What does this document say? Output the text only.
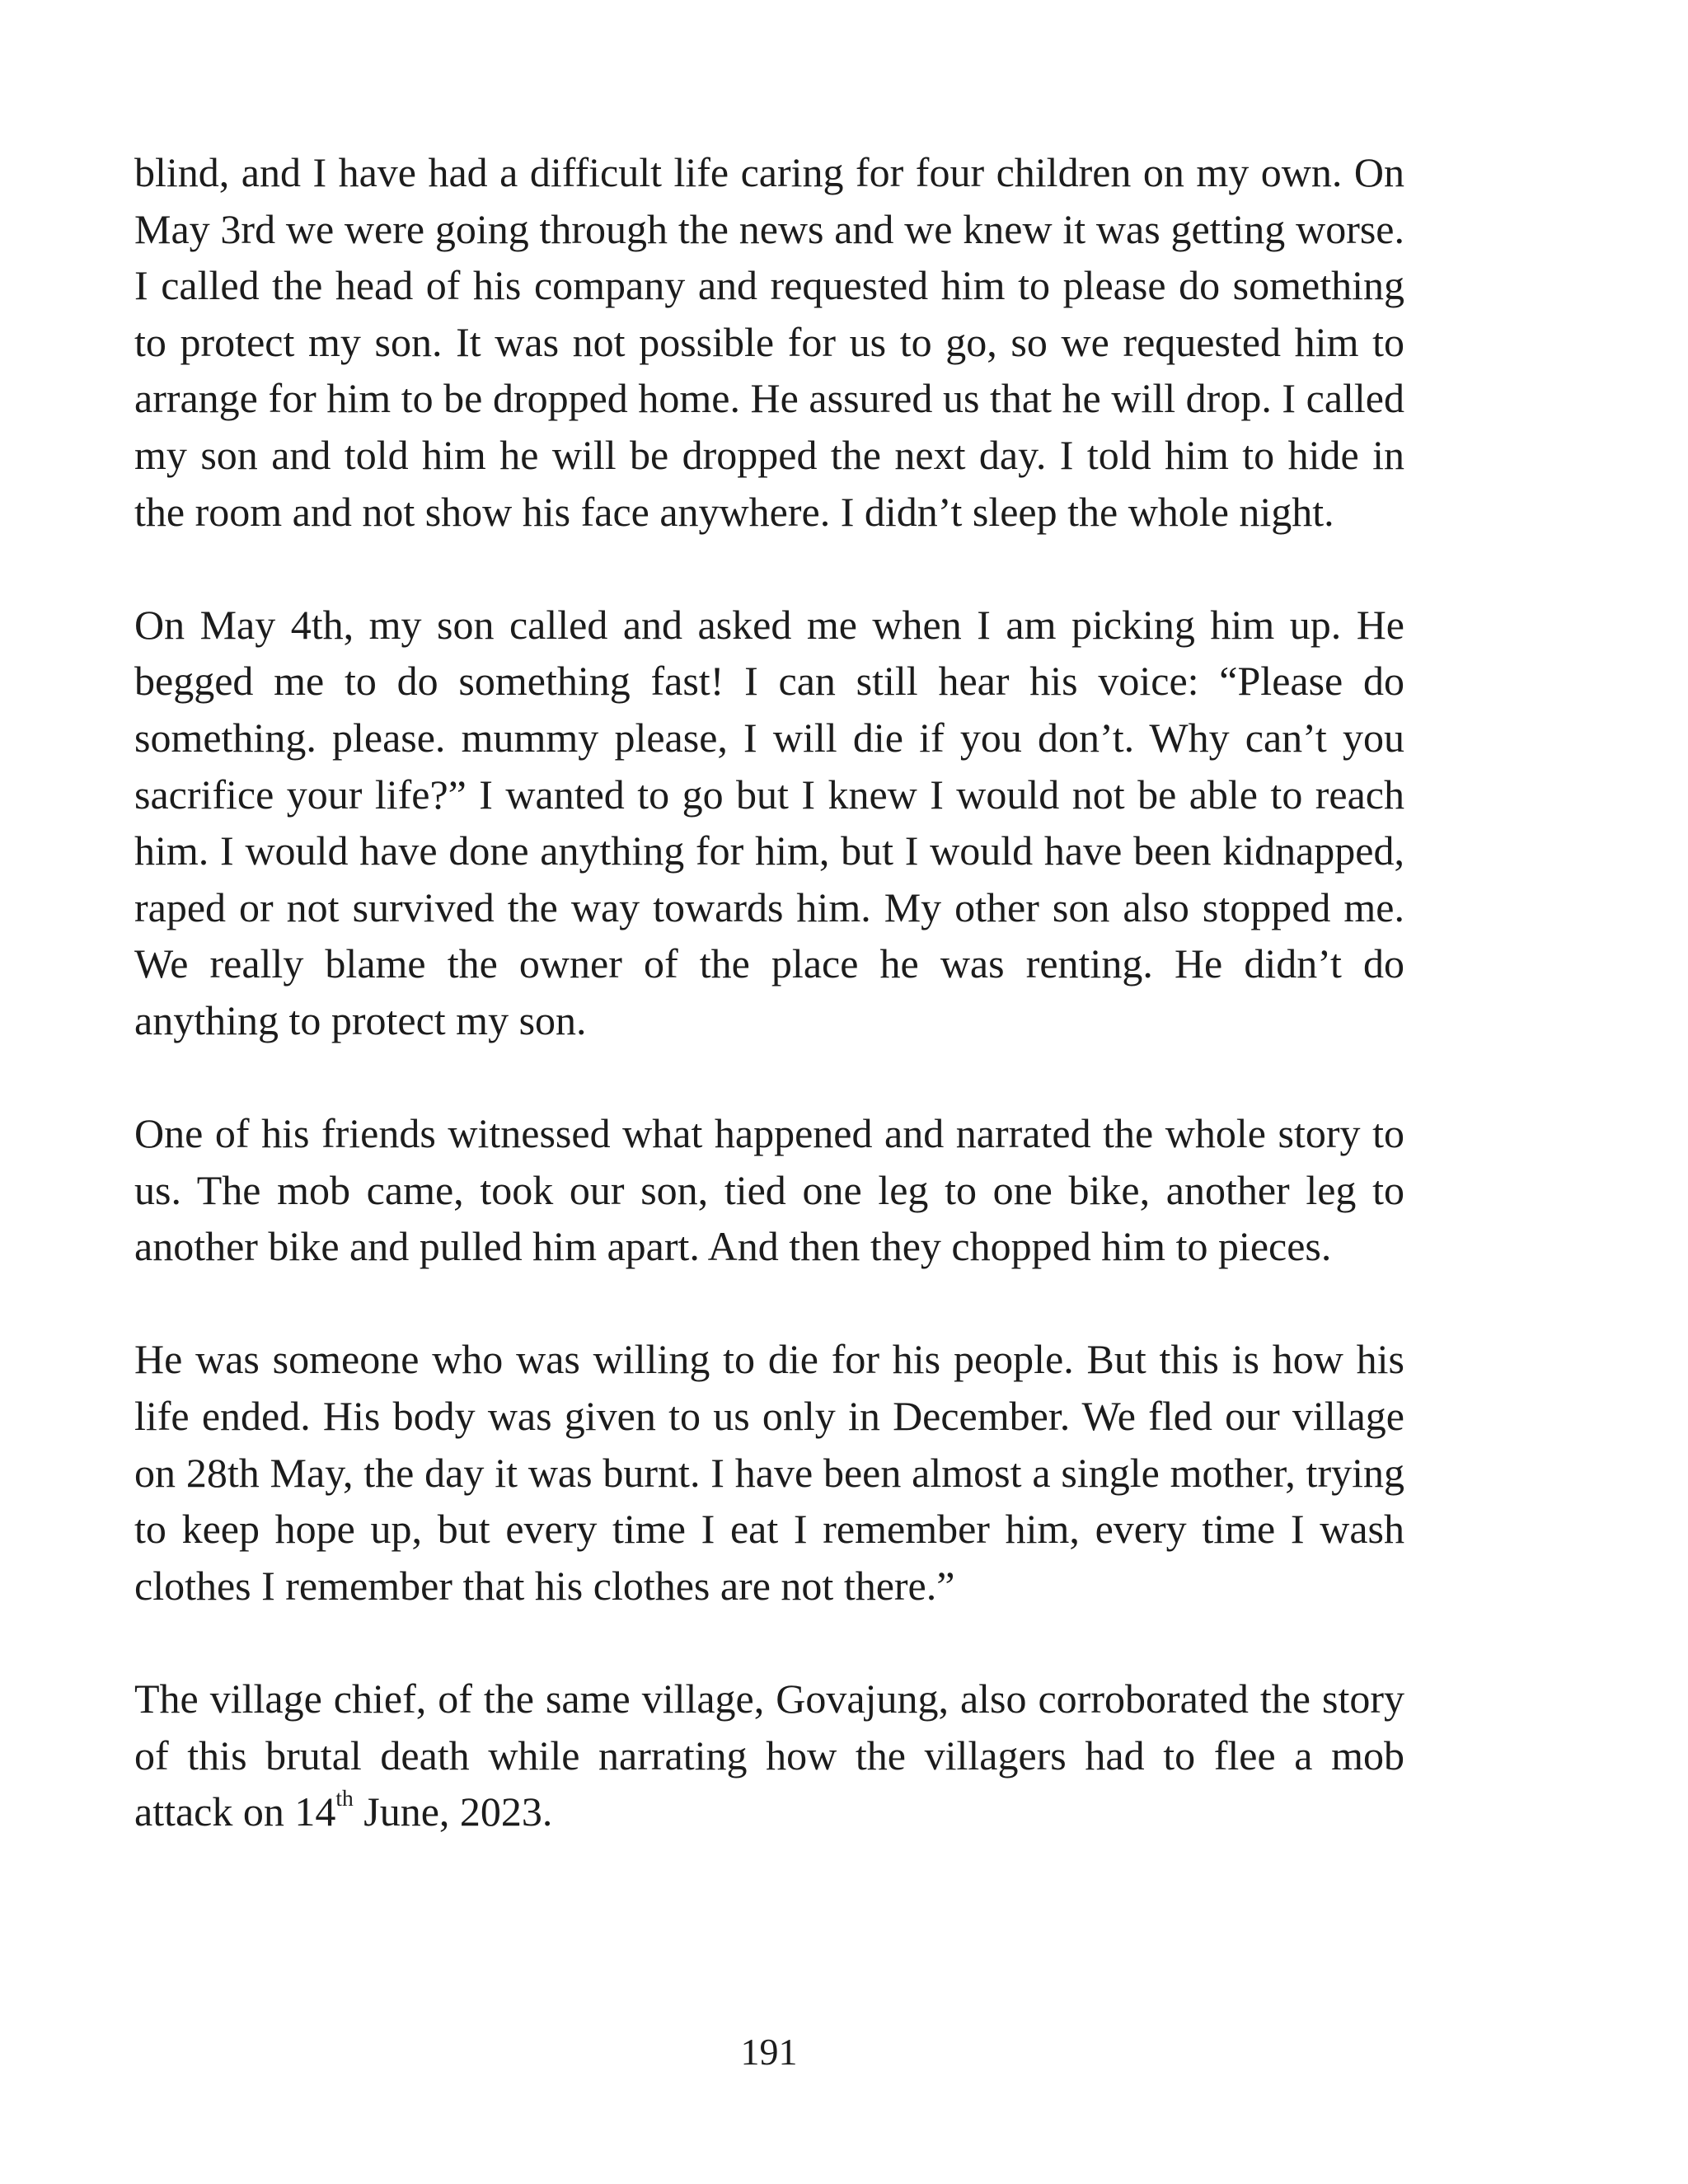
blind, and I have had a difficult life caring for four children on my own. On May 3rd we were going through the news and we knew it was getting worse. I called the head of his company and requested him to please do something to protect my son. It was not possible for us to go, so we requested him to arrange for him to be dropped home. He assured us that he will drop. I called my son and told him he will be dropped the next day. I told him to hide in the room and not show his face anywhere. I didn’t sleep the whole night.

On May 4th, my son called and asked me when I am picking him up. He begged me to do something fast! I can still hear his voice: “Please do something. please. mummy please, I will die if you don’t. Why can’t you sacrifice your life?” I wanted to go but I knew I would not be able to reach him. I would have done anything for him, but I would have been kidnapped, raped or not survived the way towards him. My other son also stopped me. We really blame the owner of the place he was renting. He didn’t do anything to protect my son.

One of his friends witnessed what happened and narrated the whole story to us. The mob came, took our son, tied one leg to one bike, another leg to another bike and pulled him apart. And then they chopped him to pieces.

He was someone who was willing to die for his people. But this is how his life ended. His body was given to us only in December. We fled our village on 28th May, the day it was burnt. I have been almost a single mother, trying to keep hope up, but every time I eat I remember him, every time I wash clothes I remember that his clothes are not there.”

The village chief, of the same village, Govajung, also corroborated the story of this brutal death while narrating how the villagers had to flee a mob attack on 14th June, 2023.

191
